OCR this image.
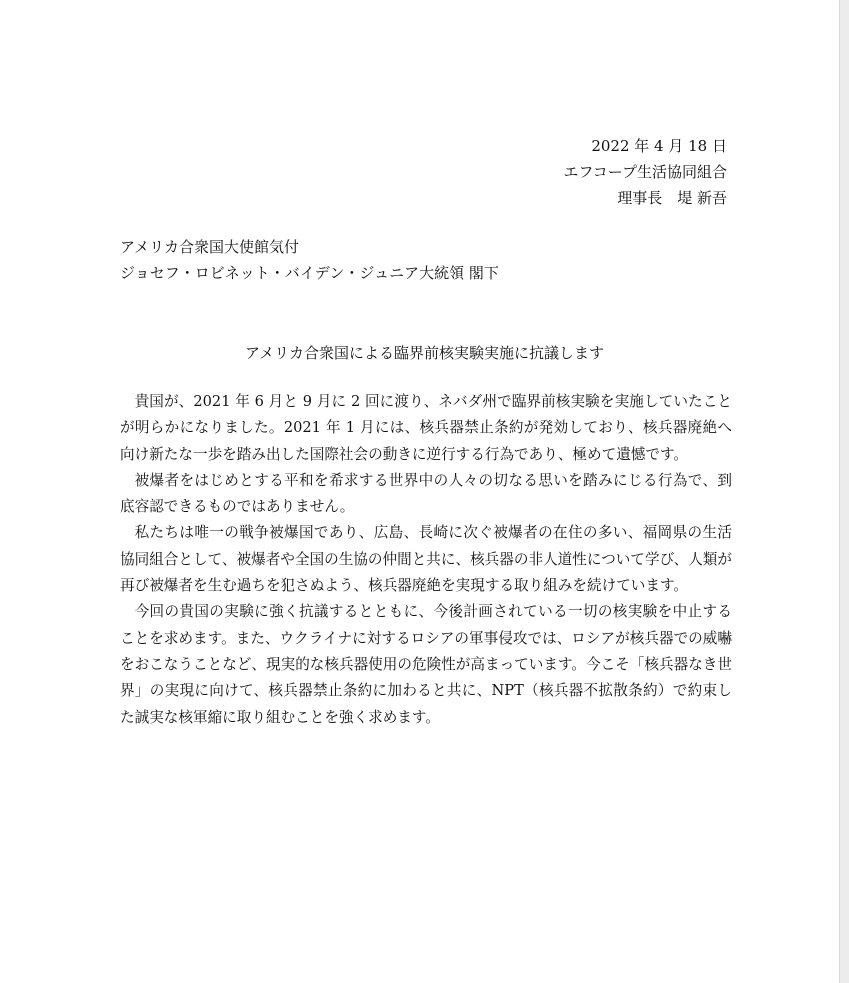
2022 年 4 月 18 日
エフコープ生活協同組合
理事長　堤 新吾
アメリカ合衆国大使館気付
ジョセフ・ロビネット・バイデン・ジュニア大統領 閣下
アメリカ合衆国による臨界前核実験実施に抗議します

貴国が、2021 年 6 月と 9 月に 2 回に渡り、ネバダ州で臨界前核実験を実施していたことが明らかになりました。2021 年 1 月には、核兵器禁止条約が発効しており、核兵器廃絶へ向け新たな一歩を踏み出した国際社会の動きに逆行する行為であり、極めて遺憾です。

被爆者をはじめとする平和を希求する世界中の人々の切なる思いを踏みにじる行為で、到底容認できるものではありません。

私たちは唯一の戦争被爆国であり、広島、長崎に次ぐ被爆者の在住の多い、福岡県の生活協同組合として、被爆者や全国の生協の仲間と共に、核兵器の非人道性について学び、人類が再び被爆者を生む過ちを犯さぬよう、核兵器廃絶を実現する取り組みを続けています。

今回の貴国の実験に強く抗議するとともに、今後計画されている一切の核実験を中止することを求めます。また、ウクライナに対するロシアの軍事侵攻では、ロシアが核兵器での威嚇をおこなうことなど、現実的な核兵器使用の危険性が高まっています。今こそ「核兵器なき世界」の実現に向けて、核兵器禁止条約に加わると共に、NPT（核兵器不拡散条約）で約束した誠実な核軍縮に取り組むことを強く求めます。
